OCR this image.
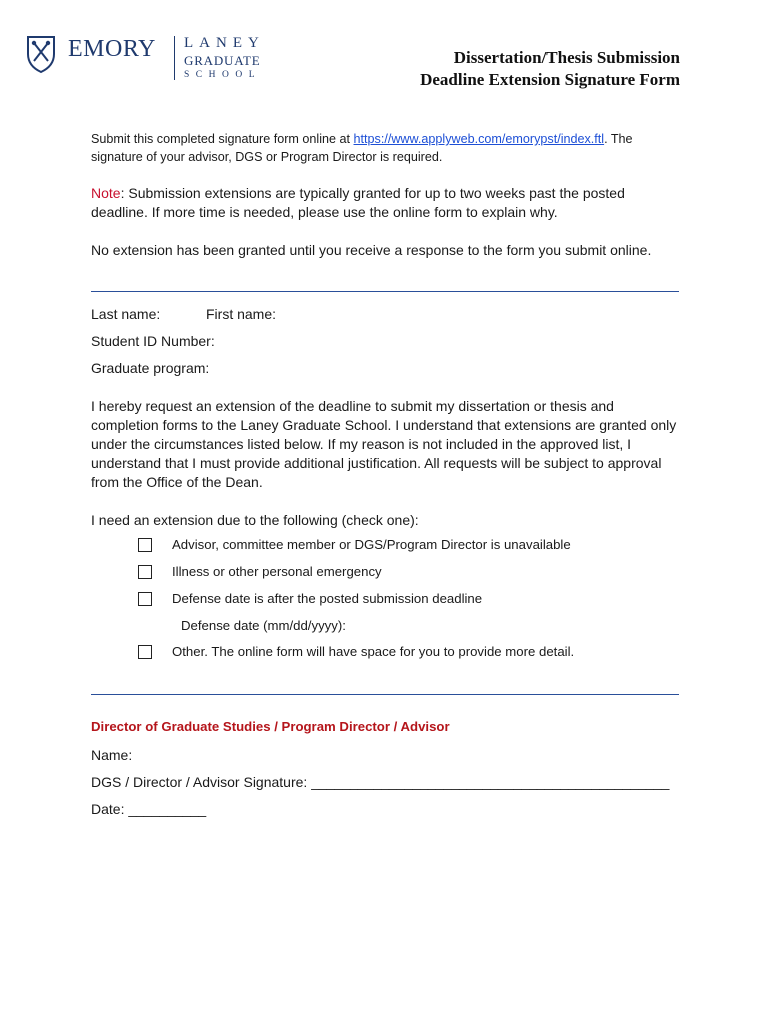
EMORY LANEY
GRADUATE
SCHOOL
Dissertation/Thesis Submission
Deadline Extension Signature Form
Submit this completed signature form online at https://www.applyweb.com/emorypst/index.ftl. The
signature of your advisor, DGS or Program Director is required.
Note: Submission extensions are typically granted for up to two weeks past the posted
deadline. If more time is needed, please use the online form to explain why.
No extension has been granted until you receive a response to the form you submit online.
Last name:	First name:
Student ID Number:
Graduate program:
I hereby request an extension of the deadline to submit my dissertation or thesis and
completion forms to the Laney Graduate School. I understand that extensions are granted only
under the circumstances listed below. If my reason is not included in the approved list, I
understand that I must provide additional justification. All requests will be subject to approval
from the Office of the Dean.
I need an extension due to the following (check one):
Advisor, committee member or DGS/Program Director is unavailable
Illness or other personal emergency
Defense date is after the posted submission deadline
Defense date (mm/dd/yyyy):
Other. The online form will have space for you to provide more detail.
Director of Graduate Studies / Program Director / Advisor
Name:
DGS / Director / Advisor Signature: ______________________________________________
Date: __________
